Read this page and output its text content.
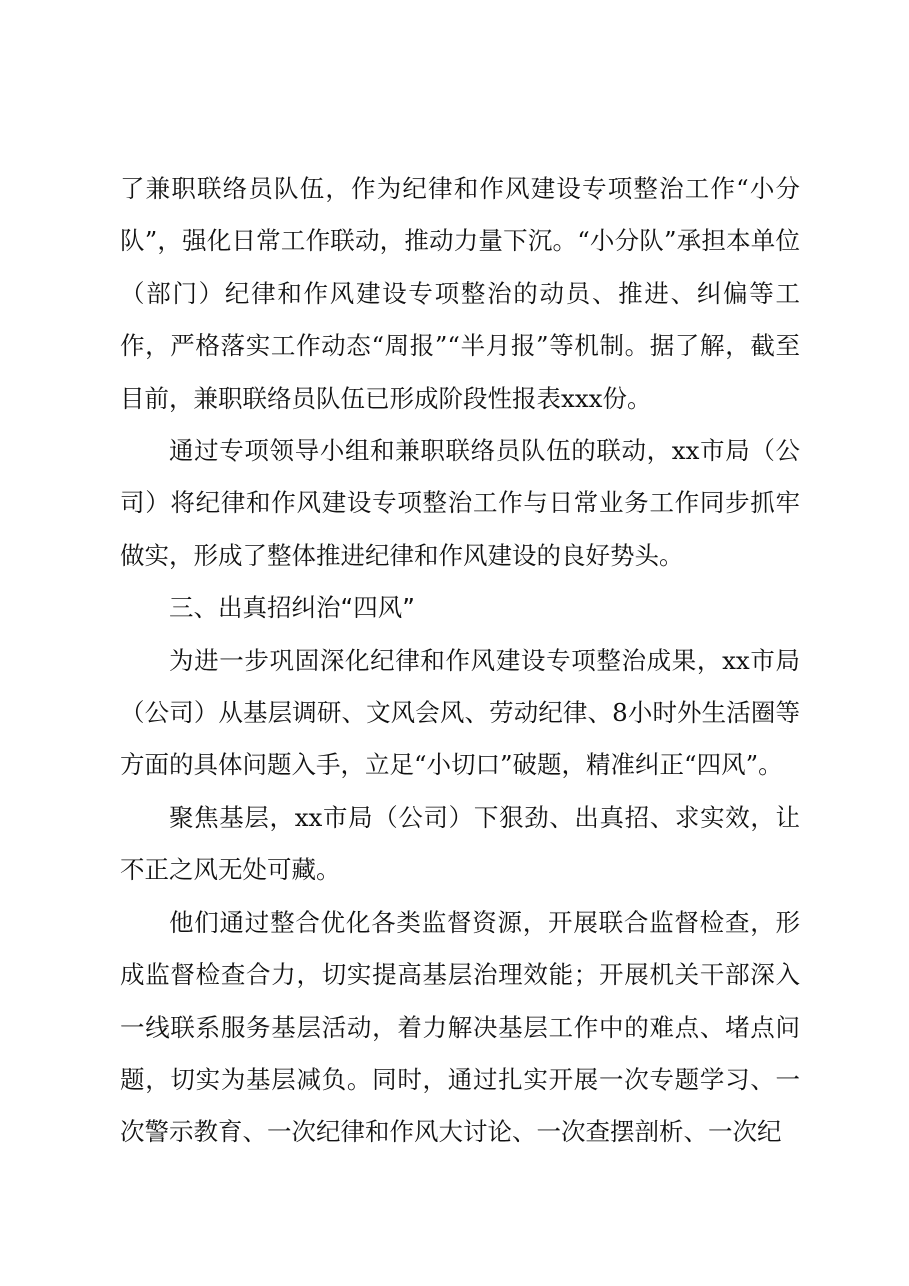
了兼职联络员队伍，作为纪律和作风建设专项整治工作“小分队”，强化日常工作联动，推动力量下沉。“小分队”承担本单位（部门）纪律和作风建设专项整治的动员、推进、纠偏等工作，严格落实工作动态“周报”“半月报”等机制。据了解，截至目前，兼职联络员队伍已形成阶段性报表xxx份。

通过专项领导小组和兼职联络员队伍的联动，xx市局（公司）将纪律和作风建设专项整治工作与日常业务工作同步抓牢做实，形成了整体推进纪律和作风建设的良好势头。

三、出真招纠治“四风”

为进一步巩固深化纪律和作风建设专项整治成果，xx市局（公司）从基层调研、文风会风、劳动纪律、8小时外生活圈等方面的具体问题入手，立足“小切口”破题，精准纠正“四风”。

聚焦基层，xx市局（公司）下狠劲、出真招、求实效，让不正之风无处可藏。

他们通过整合优化各类监督资源，开展联合监督检查，形成监督检查合力，切实提高基层治理效能；开展机关干部深入一线联系服务基层活动，着力解决基层工作中的难点、堵点问题，切实为基层减负。同时，通过扎实开展一次专题学习、一次警示教育、一次纪律和作风大讨论、一次查摆剖析、一次纪
